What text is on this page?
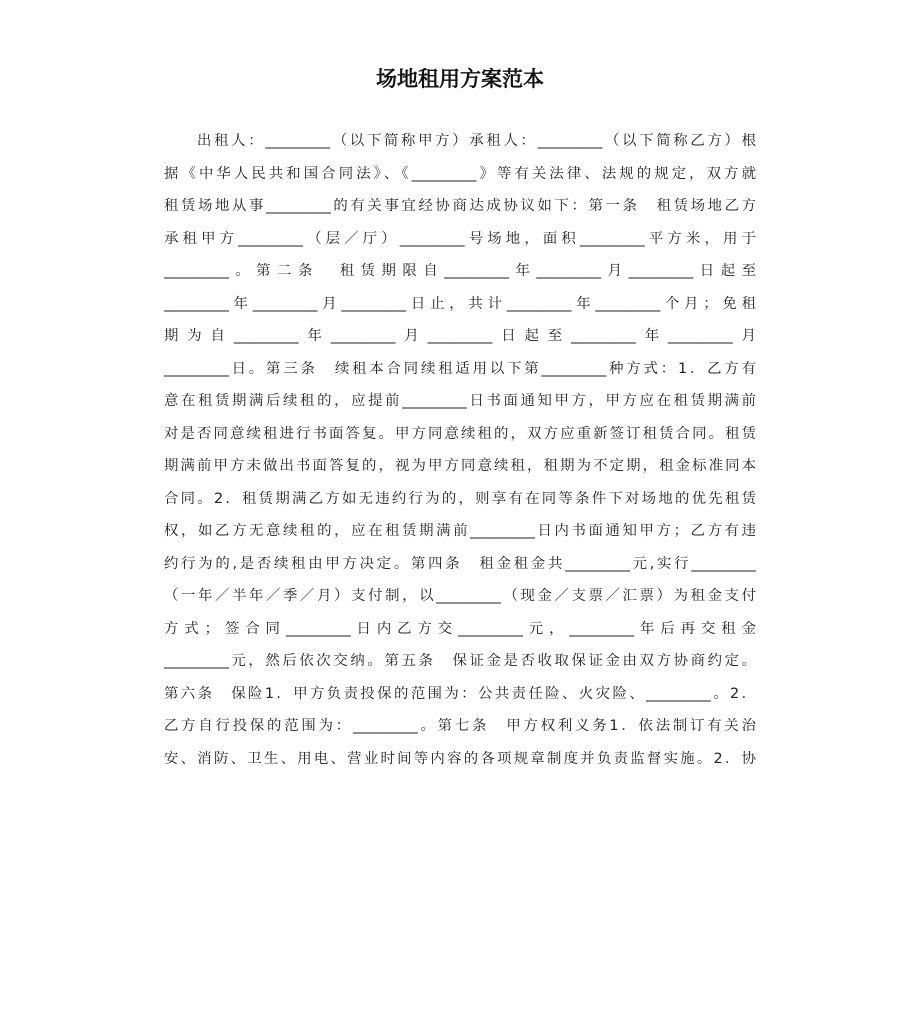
场地租用方案范本
出租人：_________（以下简称甲方）承租人：_________（以下简称乙方）根
据《中华人民共和国合同法》、《_________》等有关法律、法规的规定，双方就
租赁场地从事_________的有关事宜经协商达成协议如下：第一条　租赁场地乙方
承租甲方_________（层／厅）_________号场地，面积_________平方米，用于
_________。第二条　租赁期限自_________年_________月_________日起至
_________年_________月_________日止，共计_________年_________个月；免租
期为自_________年_________月_________日起至_________年_________月
_________日。第三条　续租本合同续租适用以下第_________种方式：1．乙方有
意在租赁期满后续租的，应提前_________日书面通知甲方，甲方应在租赁期满前
对是否同意续租进行书面答复。甲方同意续租的，双方应重新签订租赁合同。租赁
期满前甲方未做出书面答复的，视为甲方同意续租，租期为不定期，租金标准同本
合同。2．租赁期满乙方如无违约行为的，则享有在同等条件下对场地的优先租赁
权，如乙方无意续租的，应在租赁期满前_________日内书面通知甲方；乙方有违
约行为的,是否续租由甲方决定。第四条　租金租金共_________元,实行_________
（一年／半年／季／月）支付制，以_________（现金／支票／汇票）为租金支付
方式；签合同_________日内乙方交_________元，_________年后再交租金
_________元，然后依次交纳。第五条　保证金是否收取保证金由双方协商约定。
第六条　保险1．甲方负责投保的范围为：公共责任险、火灾险、_________。2．
乙方自行投保的范围为：_________。第七条　甲方权利义务1．依法制订有关治
安、消防、卫生、用电、营业时间等内容的各项规章制度并负责监督实施。2．协
